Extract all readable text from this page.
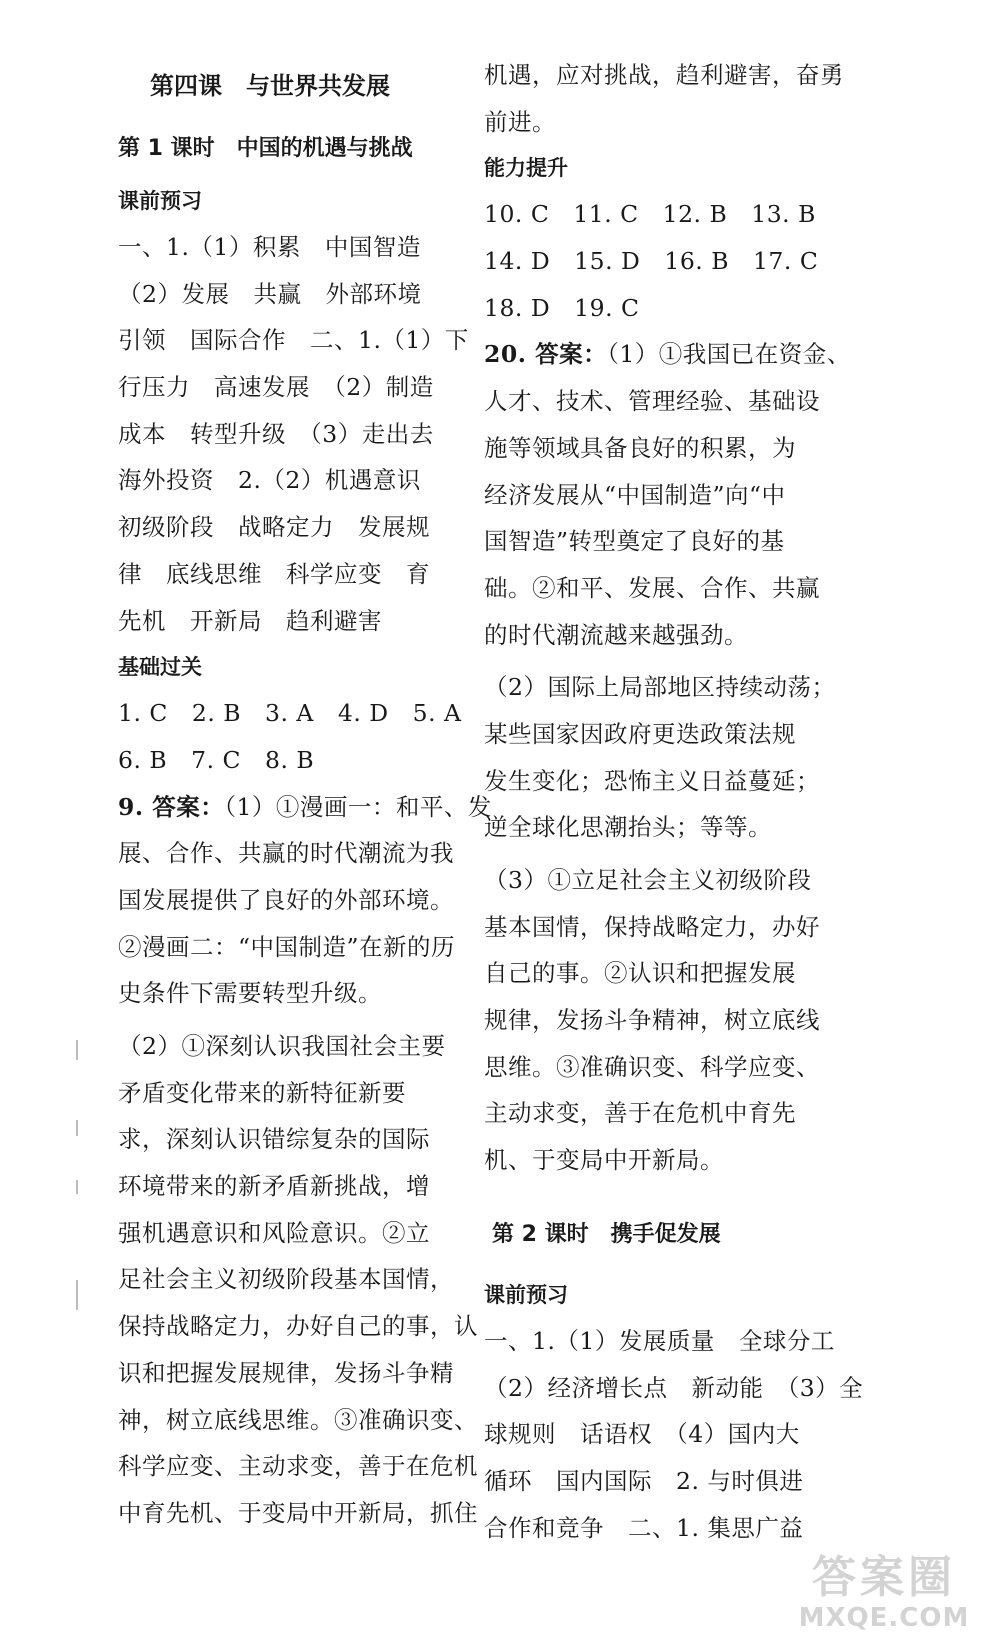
第四课　与世界共发展
第 1 课时　中国的机遇与挑战
课前预习
一、1.（1）积累　中国智造
（2）发展　共赢　外部环境
引领　国际合作　二、1.（1）下
行压力　高速发展　（2）制造
成本　转型升级　（3）走出去
海外投资　2.（2）机遇意识
初级阶段　战略定力　发展规
律　底线思维　科学应变　育
先机　开新局　趋利避害
基础过关
1. C　2. B　3. A　4. D　5. A
6. B　7. C　8. B
9. 答案：（1）①漫画一：和平、发
展、合作、共赢的时代潮流为我
国发展提供了良好的外部环境。
②漫画二：“中国制造”在新的历
史条件下需要转型升级。
（2）①深刻认识我国社会主要
矛盾变化带来的新特征新要
求，深刻认识错综复杂的国际
环境带来的新矛盾新挑战，增
强机遇意识和风险意识。②立
足社会主义初级阶段基本国情，
保持战略定力，办好自己的事，认
识和把握发展规律，发扬斗争精
神，树立底线思维。③准确识变、
科学应变、主动求变，善于在危机
中育先机、于变局中开新局，抓住
机遇，应对挑战，趋利避害，奋勇
前进。
能力提升
10. C　11. C　12. B　13. B
14. D　15. D　16. B　17. C
18. D　19. C
20. 答案：（1）①我国已在资金、
人才、技术、管理经验、基础设
施等领域具备良好的积累，为
经济发展从“中国制造”向“中
国智造”转型奠定了良好的基
础。②和平、发展、合作、共赢
的时代潮流越来越强劲。
（2）国际上局部地区持续动荡；
某些国家因政府更迭政策法规
发生变化；恐怖主义日益蔓延；
逆全球化思潮抬头；等等。
（3）①立足社会主义初级阶段
基本国情，保持战略定力，办好
自己的事。②认识和把握发展
规律，发扬斗争精神，树立底线
思维。③准确识变、科学应变、
主动求变，善于在危机中育先
机、于变局中开新局。
第 2 课时　携手促发展
课前预习
一、1.（1）发展质量　全球分工
（2）经济增长点　新动能　（3）全
球规则　话语权　（4）国内大
循环　国内国际　2. 与时俱进
合作和竞争　二、1. 集思广益
答案圈
MXQE.COM
